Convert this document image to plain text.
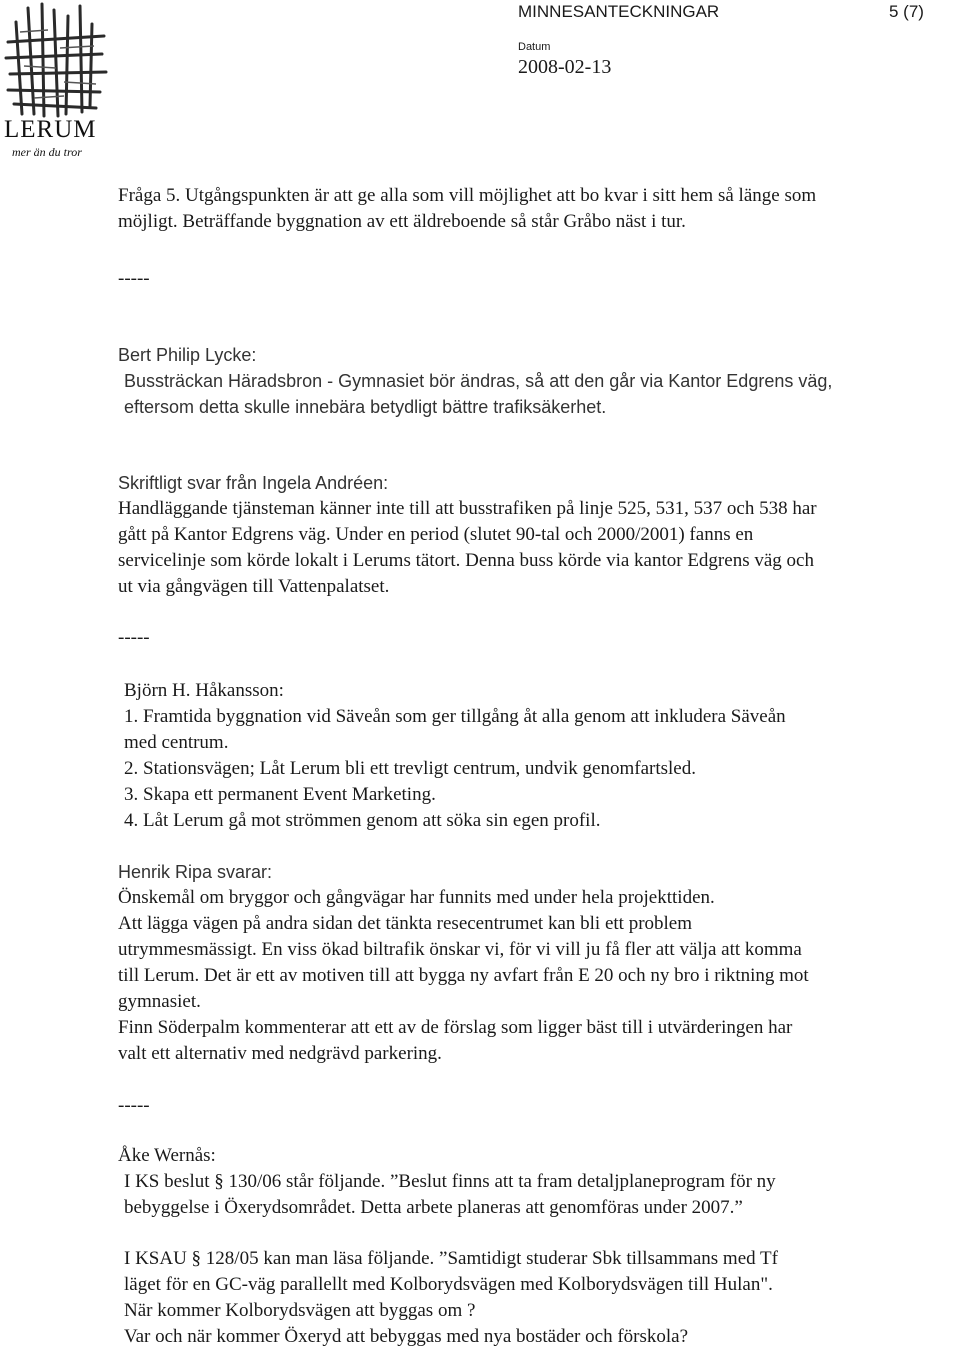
LERUM
mer än du tror
MINNESANTECKNINGAR	5 (7)
Datum
2008-02-13
Fråga 5. Utgångspunkten är att ge alla som vill möjlighet att bo kvar i sitt hem så länge som
möjligt. Beträffande byggnation av ett äldreboende så står Gråbo näst i tur.
-----
Bert Philip Lycke:
Bussträckan Häradsbron - Gymnasiet bör ändras, så att den går via Kantor Edgrens väg,
eftersom detta skulle innebära betydligt bättre trafiksäkerhet.
Skriftligt svar från Ingela Andréen:
Handläggande tjänsteman känner inte till att busstrafiken på linje 525, 531, 537 och 538 har
gått på Kantor Edgrens väg. Under en period (slutet 90-tal och 2000/2001) fanns en
servicelinje som körde lokalt i Lerums tätort. Denna buss körde via kantor Edgrens väg och
ut via gångvägen till Vattenpalatset.
-----
Björn H. Håkansson:
1. Framtida byggnation vid Säveån som ger tillgång åt alla genom att inkludera Säveån
med centrum.
2. Stationsvägen; Låt Lerum bli ett trevligt centrum, undvik genomfartsled.
3. Skapa ett permanent Event Marketing.
4. Låt Lerum gå mot strömmen genom att söka sin egen profil.
Henrik Ripa svarar:
Önskemål om bryggor och gångvägar har funnits med under hela projekttiden.
Att lägga vägen på andra sidan det tänkta resecentrumet kan bli ett problem
utrymmesmässigt. En viss ökad biltrafik önskar vi, för vi vill ju få fler att välja att komma
till Lerum. Det är ett av motiven till att bygga ny avfart från E 20 och ny bro i riktning mot
gymnasiet.
Finn Söderpalm kommenterar att ett av de förslag som ligger bäst till i utvärderingen har
valt ett alternativ med nedgrävd parkering.
-----
Åke Wernås:
I KS beslut § 130/06 står följande. ”Beslut finns att ta fram detaljplaneprogram för ny
bebyggelse i Öxerydsområdet. Detta arbete planeras att genomföras under 2007.”
I KSAU § 128/05 kan man läsa följande. ”Samtidigt studerar Sbk tillsammans med Tf
läget för en GC-väg parallellt med Kolborydsvägen med Kolborydsvägen till Hulan".
När kommer Kolborydsvägen att byggas om ?
Var och när kommer Öxeryd att bebyggas med nya bostäder och förskola?
